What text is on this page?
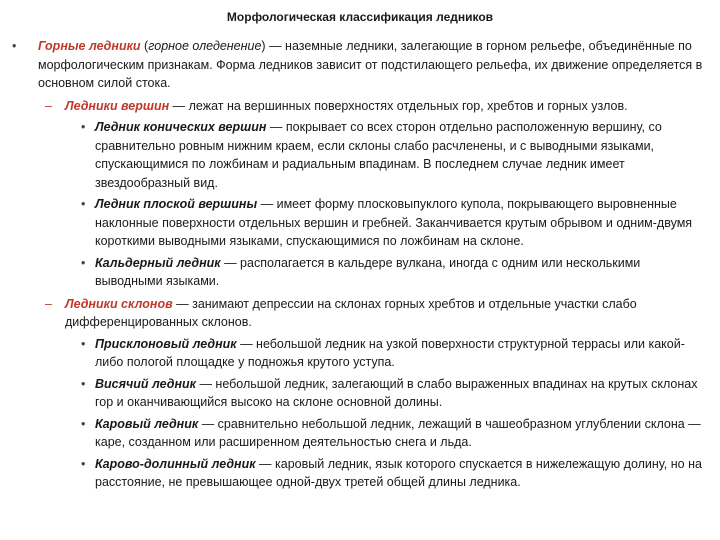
Морфологическая классификация ледников
• Горные ледники (горное оледенение) — наземные ледники, залегающие в горном рельефе, объединённые по морфологическим признакам. Форма ледников зависит от подстилающего рельефа, их движение определяется в основном силой стока.
– Ледники вершин — лежат на вершинных поверхностях отдельных гор, хребтов и горных узлов.
• Ледник конических вершин — покрывает со всех сторон отдельно расположенную вершину, со сравнительно ровным нижним краем, если склоны слабо расчленены, и с выводными языками, спускающимися по ложбинам и радиальным впадинам. В последнем случае ледник имеет звездообразный вид.
• Ледник плоской вершины — имеет форму плосковыпуклого купола, покрывающего выровненные наклонные поверхности отдельных вершин и гребней. Заканчивается крутым обрывом и одним-двумя короткими выводными языками, спускающимися по ложбинам на склоне.
• Кальдерный ледник — располагается в кальдере вулкана, иногда с одним или несколькими выводными языками.
– Ледники склонов — занимают депрессии на склонах горных хребтов и отдельные участки слабо дифференцированных склонов.
• Присклоновый ледник — небольшой ледник на узкой поверхности структурной террасы или какой-либо пологой площадке у подножья крутого уступа.
• Висячий ледник — небольшой ледник, залегающий в слабо выраженных впадинах на крутых склонах гор и оканчивающийся высоко на склоне основной долины.
• Каровый ледник — сравнительно небольшой ледник, лежащий в чашеобразном углублении склона — каре, созданном или расширенном деятельностью снега и льда.
• Карово-долинный ледник — каровый ледник, язык которого спускается в нижележащую долину, но на расстояние, не превышающее одной-двух третей общей длины ледника.
